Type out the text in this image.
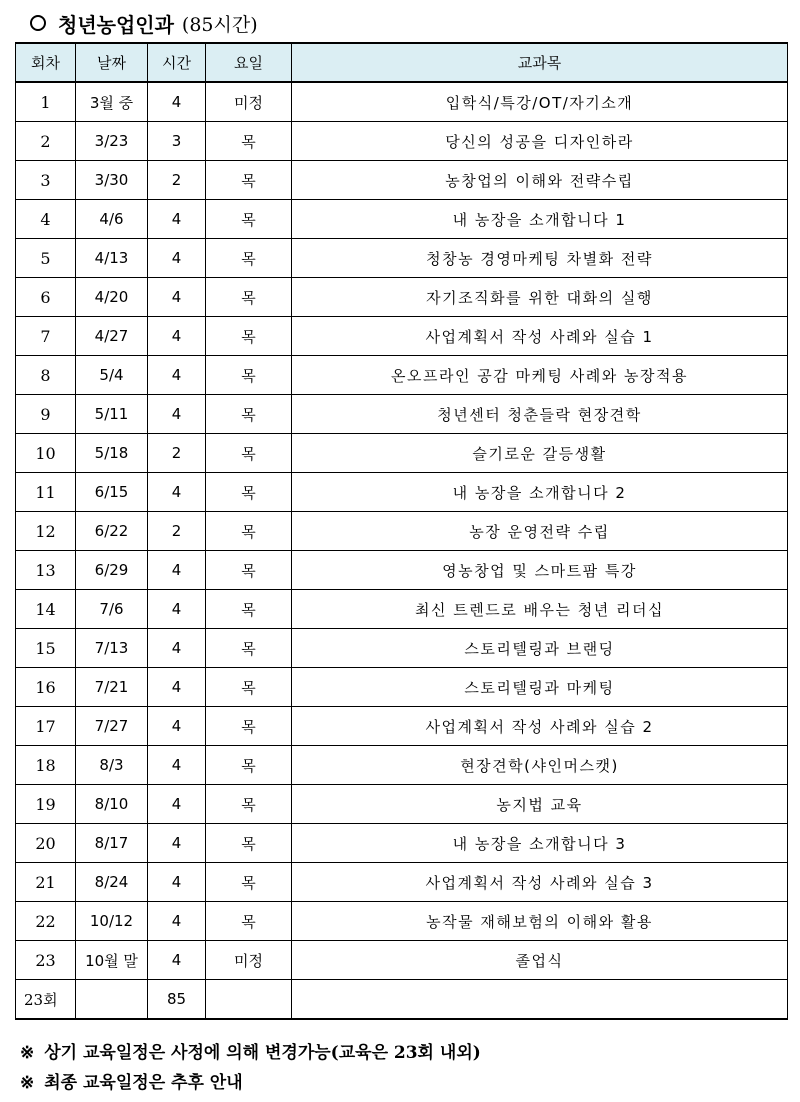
청년농업인과 (85시간)
회차	날짜	시간	요일	교과목
1	3월 중	4	미정	입학식/특강/OT/자기소개
2	3/23	3	목	당신의 성공을 디자인하라
3	3/30	2	목	농창업의 이해와 전략수립
4	4/6	4	목	내 농장을 소개합니다 1
5	4/13	4	목	청창농 경영마케팅 차별화 전략
6	4/20	4	목	자기조직화를 위한 대화의 실행
7	4/27	4	목	사업계획서 작성 사례와 실습 1
8	5/4	4	목	온오프라인 공감 마케팅 사례와 농장적용
9	5/11	4	목	청년센터 청춘들락 현장견학
10	5/18	2	목	슬기로운 갈등생활
11	6/15	4	목	내 농장을 소개합니다 2
12	6/22	2	목	농장 운영전략 수립
13	6/29	4	목	영농창업 및 스마트팜 특강
14	7/6	4	목	최신 트렌드로 배우는 청년 리더십
15	7/13	4	목	스토리텔링과 브랜딩
16	7/21	4	목	스토리텔링과 마케팅
17	7/27	4	목	사업계획서 작성 사례와 실습 2
18	8/3	4	목	현장견학(샤인머스캣)
19	8/10	4	목	농지법 교육
20	8/17	4	목	내 농장을 소개합니다 3
21	8/24	4	목	사업계획서 작성 사례와 실습 3
22	10/12	4	목	농작물 재해보험의 이해와 활용
23	10월 말	4	미정	졸업식
23회		85		
※ 상기 교육일정은 사정에 의해 변경가능(교육은 23회 내외)
※ 최종 교육일정은 추후 안내
